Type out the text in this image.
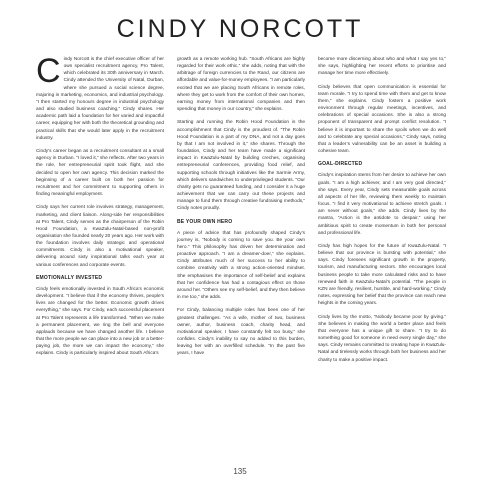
CINDY NORCOTT

Cindy Norcott is the chief executive officer of her own specialist recruitment agency, Pro Talent, which celebrated its 30th anniversary in March. Cindy attended the University of Natal, Durban, where she pursued a social science degree, majoring in marketing, economics, and industrial psychology. “I then started my honours degree in industrial psychology and also studied business coaching,” Cindy shares. Her academic path laid a foundation for her varied and impactful career, equipping her with both the theoretical grounding and practical skills that she would later apply in the recruitment industry.

Cindy’s career began as a recruitment consultant at a small agency in Durban. “I loved it,” she reflects. After two years in the role, her entrepreneurial spirit took flight, and she decided to open her own agency. This decision marked the beginning of a career built on both her passion for recruitment and her commitment to supporting others in finding meaningful employment.

Cindy says her current role involves strategy, management, marketing, and client liaison. Along-side her responsibilities at Pro Talent, Cindy serves as the chairperson of the Robin Hood Foundation, a KwaZulu-Natal-based non-profit organisation she founded nearly 20 years ago. Her work with the foundation involves daily strategic and operational commitments. Cindy is also a motivational speaker, delivering around sixty inspirational talks each year at various conferences and corporate events.

EMOTIONALLY INVESTED

Cindy feels emotionally invested in South Africa’s economic development. “I believe that if the economy thrives, people’s lives are changed for the better. Economic growth drives everything,” she says. For Cindy, each successful placement at Pro Talent represents a life transformed. “When we make a permanent placement, we ring the bell and everyone applauds because we have changed another life. I believe that the more people we can place into a new job or a better-paying job, the more we can impact the economy,” she explains. Cindy is particularly inspired about South Africa’s

growth as a remote working hub. “South Africans are highly regarded for their work ethic,” she adds, noting that with the arbitrage of foreign currencies to the Rand, our citizens are affordable and value-for-money employees. “I am particularly excited that we are placing South Africans in remote roles, where they get to work from the comfort of their own homes, earning money from international companies and then spending that money in our country,” she explains.

Starting and running the Robin Hood Foundation is the accomplishment that Cindy is the proudest of. “The Robin Hood Foundation is a part of my DNA, and not a day goes by that I am not involved in it,” she shares. Through the foundation, Cindy and her team have made a significant impact in KwaZulu-Natal by building creches, organising entrepreneurial conferences, providing food relief, and supporting schools through initiatives like the Sarmie Army, which delivers sandwiches to underprivileged students. “Our charity gets no guaranteed funding, and I consider it a huge achievement that we can carry out these projects and manage to fund them through creative fundraising methods,” Cindy notes proudly.

BE YOUR OWN HERO

A piece of advice that has profoundly shaped Cindy’s journey is, “Nobody is coming to save you. Be your own hero.” This philosophy has driven her determination and proactive approach. “I am a dreamer-doer,” she explains. Cindy attributes much of her success to her ability to combine creativity with a strong action-oriented mindset. She emphasises the importance of self-belief and explains that her confidence has had a contagious effect on those around her. “Others see my self-belief, and they then believe in me too,” she adds.

For Cindy, balancing multiple roles has been one of her greatest challenges. “As a wife, mother of two, business owner, author, business coach, charity head, and motivational speaker, I have constantly felt too busy,” she confides. Cindy’s inability to say no added to this burden, leaving her with an overfilled schedule. “In the past five years, I have

become more discerning about who and what I say yes to,” she says, highlighting her recent efforts to prioritise and manage her time more effectively.

Cindy believes that open communication is essential for team morale. “I try to spend time with them and get to know them,” she explains. Cindy fosters a positive work environment through regular meetings, incentives, and celebrations of special occasions. She is also a strong proponent of transparent and prompt conflict resolution. “I believe it is important to share the spoils when we do well and to celebrate any special occasions,” Cindy says, noting that a leader’s vulnerability can be an asset in building a cohesive team.

GOAL-DIRECTED

Cindy’s inspiration stems from her desire to achieve her own goals. “I am a high achiever, and I am very goal directed,” she says. Every year, Cindy sets measurable goals across all aspects of her life, reviewing them weekly to maintain focus. “I find it very motivational to achieve stretch goals. I am never without goals,” she adds. Cindy lives by the mantra, “Action is the antidote to despair,” using her ambitious spirit to create momentum in both her personal and professional life.

Cindy has high hopes for the future of KwaZulu-Natal. “I believe that our province is bursting with potential,” she says. Cindy foresees significant growth in the property, tourism, and manufacturing sectors. She encourages local business people to take more calculated risks and to have renewed faith in KwaZulu-Natal’s potential. “The people in KZN are friendly, resilient, humble, and hard-working,” Cindy notes, expressing her belief that the province can reach new heights in the coming years.

Cindy lives by the motto, “Nobody became poor by giving.” She believes in making the world a better place and feels that everyone has a unique gift to share. “I try to do something good for someone in need every single day,” she says. Cindy remains committed to creating hope in KwaZulu-Natal and tirelessly works through both her business and her charity to make a positive impact.

135
